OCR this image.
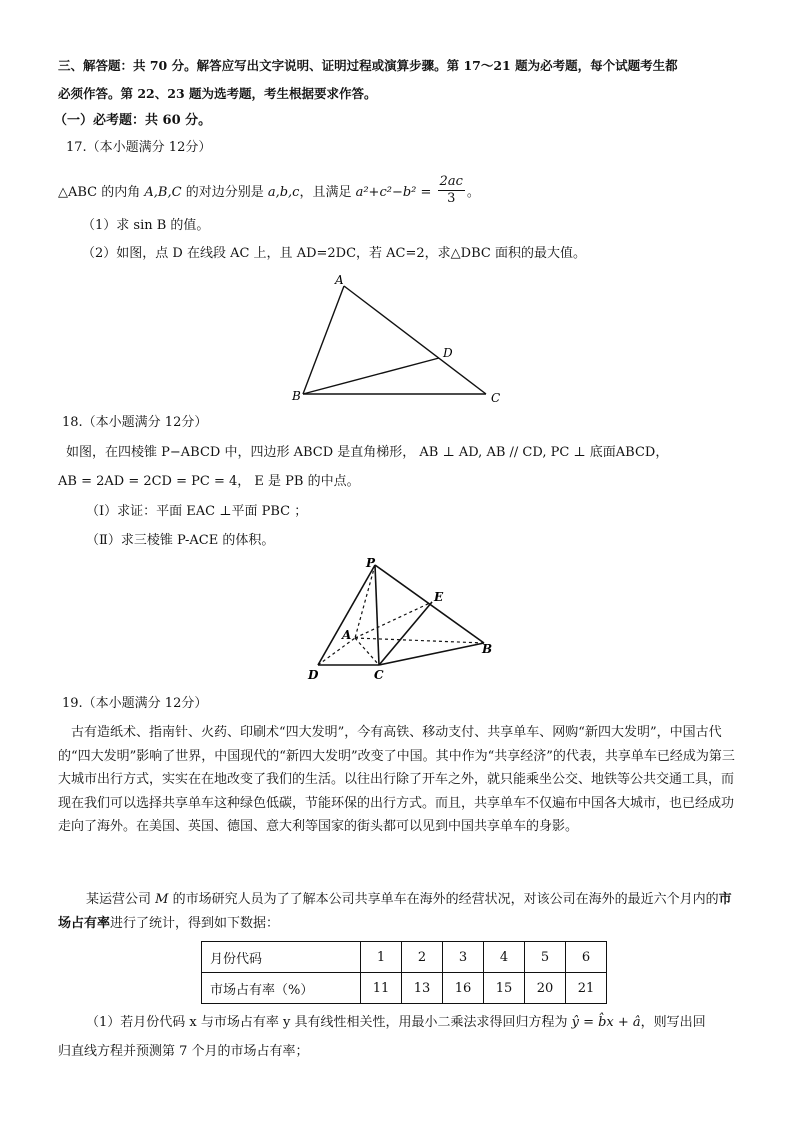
三、解答题：共 70 分。解答应写出文字说明、证明过程或演算步骤。第 17～21 题为必考题，每个试题考生都
必须作答。第 22、23 题为选考题，考生根据要求作答。
（一）必考题：共 60 分。
17.（本小题满分 12分）
△ABC 的内角 A,B,C 的对边分别是 a,b,c，且满足 $a^2+c^2-b^2 = \frac{2ac}{3}$ 。
（1）求 sin B 的值。
（2）如图，点 D 在线段 AC 上，且 AD=2DC，若 AC=2，求△DBC 面积的最大值。
A
B	C
D
18.（本小题满分 12分）
如图，在四棱锥 P−ABCD 中，四边形 ABCD 是直角梯形， AB ⊥ AD, AB // CD, PC ⊥ 底面ABCD，
AB = 2AD = 2CD = PC = 4， E 是 PB 的中点。
（Ⅰ）求证：平面 EAC ⊥平面 PBC ；
（Ⅱ）求三棱锥 P-ACE 的体积。
P
E
A
B
C
D
19.（本小题满分 12分）
古有造纸术、指南针、火药、印刷术“四大发明”，今有高铁、移动支付、共享单车、网购“新四大发明”，中国古代的“四大发明”影响了世界，中国现代的“新四大发明”改变了中国。其中作为“共享经济”的代表，共享单车已经成为第三大城市出行方式，实实在在地改变了我们的生活。以往出行除了开车之外，就只能乘坐公交、地铁等公共交通工具，而现在我们可以选择共享单车这种绿色低碳，节能环保的出行方式。而且，共享单车不仅遍布中国各大城市，也已经成功走向了海外。在美国、英国、德国、意大利等国家的街头都可以见到中国共享单车的身影。
某运营公司 M 的市场研究人员为了了解本公司共享单车在海外的经营状况，对该公司在海外的最近六个月内的市场占有率进行了统计，得到如下数据：
月份代码	1	2	3	4	5	6
市场占有率（%）	11	13	16	15	20	21
（1）若月份代码 x 与市场占有率 y 具有线性相关性，用最小二乘法求得回归方程为 ŷ = b̂x + â，则写出回
归直线方程并预测第 7 个月的市场占有率；
